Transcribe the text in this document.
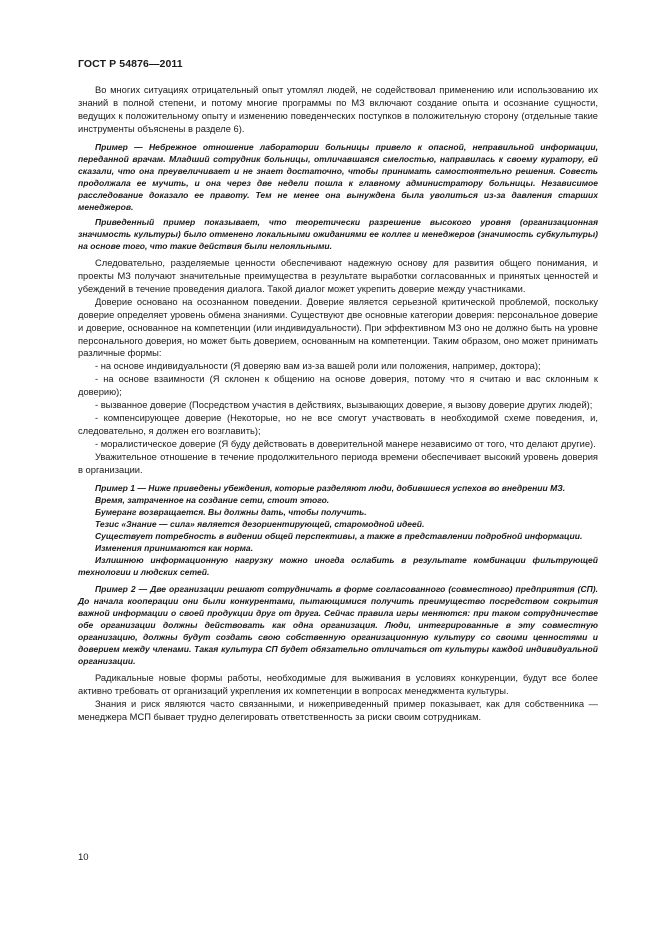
ГОСТ Р 54876—2011

Во многих ситуациях отрицательный опыт утомлял людей, не содействовал применению или использованию их знаний в полной степени, и потому многие программы по МЗ включают создание опыта и осознание сущности, ведущих к положительному опыту и изменению поведенческих поступков в положительную сторону (отдельные такие инструменты объяснены в разделе 6).

Пример — Небрежное отношение лаборатории больницы привело к опасной, неправильной информации, переданной врачам. Младший сотрудник больницы, отличавшаяся смелостью, направилась к своему куратору, ей сказали, что она преувеличивает и не знает достаточно, чтобы принимать самостоятельно решения. Совесть продолжала ее мучить, и она через две недели пошла к главному администратору больницы. Независимое расследование доказало ее правоту. Тем не менее она вынуждена была уволиться из-за давления старших менеджеров.

Приведенный пример показывает, что теоретически разрешение высокого уровня (организационная значимость культуры) было отменено локальными ожиданиями ее коллег и менеджеров (значимость субкультуры) на основе того, что такие действия были нелояльными.

Следовательно, разделяемые ценности обеспечивают надежную основу для развития общего понимания, и проекты МЗ получают значительные преимущества в результате выработки согласованных и принятых ценностей и убеждений в течение проведения диалога. Такой диалог может укрепить доверие между участниками.

Доверие основано на осознанном поведении. Доверие является серьезной критической проблемой, поскольку доверие определяет уровень обмена знаниями. Существуют две основные категории доверия: персональное доверие и доверие, основанное на компетенции (или индивидуальности). При эффективном МЗ оно не должно быть на уровне персонального доверия, но может быть доверием, основанным на компетенции. Таким образом, оно может принимать различные формы:

- на основе индивидуальности (Я доверяю вам из-за вашей роли или положения, например, доктора);

- на основе взаимности (Я склонен к общению на основе доверия, потому что я считаю и вас склонным к доверию);

- вызванное доверие (Посредством участия в действиях, вызывающих доверие, я вызову доверие других людей);

- компенсирующее доверие (Некоторые, но не все смогут участвовать в необходимой схеме поведения, и, следовательно, я должен его возглавить);

- моралистическое доверие (Я буду действовать в доверительной манере независимо от того, что делают другие).

Уважительное отношение в течение продолжительного периода времени обеспечивает высокий уровень доверия в организации.

Пример 1 — Ниже приведены убеждения, которые разделяют люди, добившиеся успехов во внедрении МЗ.

Время, затраченное на создание сети, стоит этого.

Бумеранг возвращается. Вы должны дать, чтобы получить.

Тезис «Знание — сила» является дезориентирующей, старомодной идеей.

Существует потребность в видении общей перспективы, а также в представлении подробной информации.

Изменения принимаются как норма.

Излишнюю информационную нагрузку можно иногда ослабить в результате комбинации фильтрующей технологии и людских сетей.

Пример 2 — Две организации решают сотрудничать в форме согласованного (совместного) предприятия (СП). До начала кооперации они были конкурентами, пытающимися получить преимущество посредством сокрытия важной информации о своей продукции друг от друга. Сейчас правила игры меняются: при таком сотрудничестве обе организации должны действовать как одна организация. Люди, интегрированные в эту совместную организацию, должны будут создать свою собственную организационную культуру со своими ценностями и доверием между членами. Такая культура СП будет обязательно отличаться от культуры каждой индивидуальной организации.

Радикальные новые формы работы, необходимые для выживания в условиях конкуренции, будут все более активно требовать от организаций укрепления их компетенции в вопросах менеджмента культуры.

Знания и риск являются часто связанными, и нижеприведенный пример показывает, как для собственника — менеджера МСП бывает трудно делегировать ответственность за риски своим сотрудникам.

10
